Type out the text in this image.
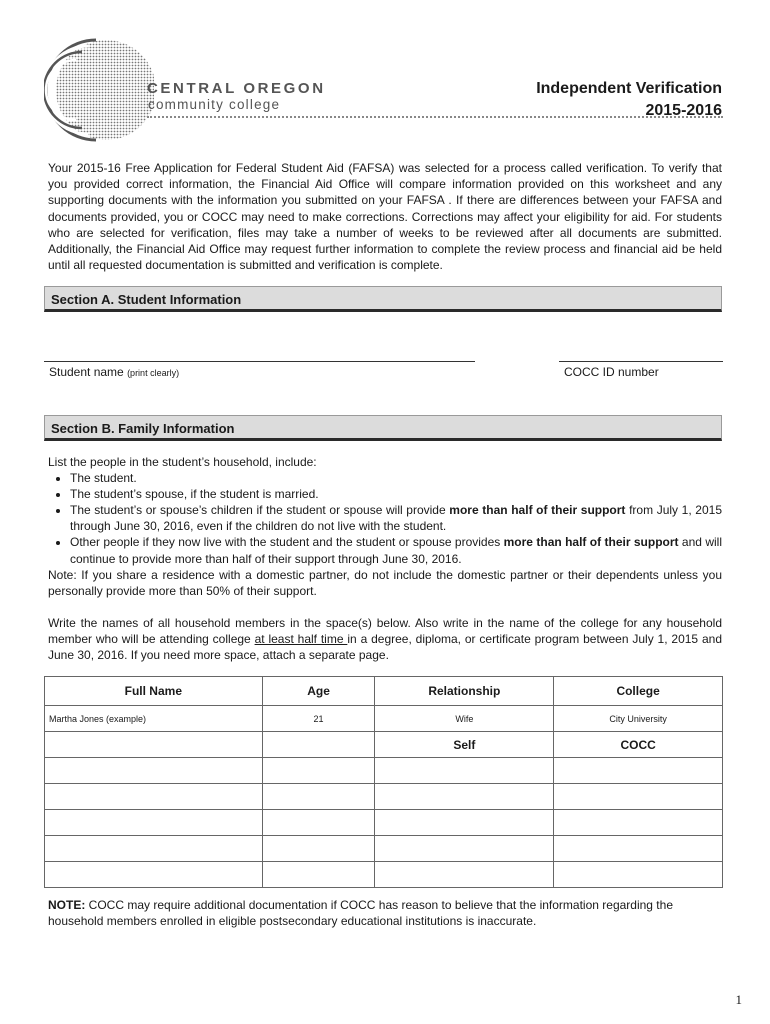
CENTRAL OREGON
community college
Independent Verification
2015-2016
Your 2015-16 Free Application for Federal Student Aid (FAFSA) was selected for a process called verification. To verify that you provided correct information, the Financial Aid Office will compare information provided on this worksheet and any supporting documents with the information you submitted on your FAFSA . If there are differences between your FAFSA and documents provided, you or COCC may need to make corrections. Corrections may affect your eligibility for aid. For students who are selected for verification, files may take a number of weeks to be reviewed after all documents are submitted. Additionally, the Financial Aid Office may request further information to complete the review process and financial aid be held until all requested documentation is submitted and verification is complete.
Section A. Student Information
Student name (print clearly)	COCC ID number
Section B. Family Information

List the people in the student’s household, include:

• The student.
• The student’s spouse, if the student is married.
• The student’s or spouse’s children if the student or spouse will provide more than half of their support from July 1, 2015 through June 30, 2016, even if the children do not live with the student.
• Other people if they now live with the student and the student or spouse provides more than half of their support and will continue to provide more than half of their support through June 30, 2016.

Note: If you share a residence with a domestic partner, do not include the domestic partner or their dependents unless you personally provide more than 50% of their support.

Write the names of all household members in the space(s) below. Also write in the name of the college for any household member who will be attending college at least half time in a degree, diploma, or certificate program between July 1, 2015 and June 30, 2016. If you need more space, attach a separate page.

Full Name	Age	Relationship	College
Martha Jones (example)	21	Wife	City University
		Self	COCC

NOTE: COCC may require additional documentation if COCC has reason to believe that the information regarding the household members enrolled in eligible postsecondary educational institutions is inaccurate.
1
